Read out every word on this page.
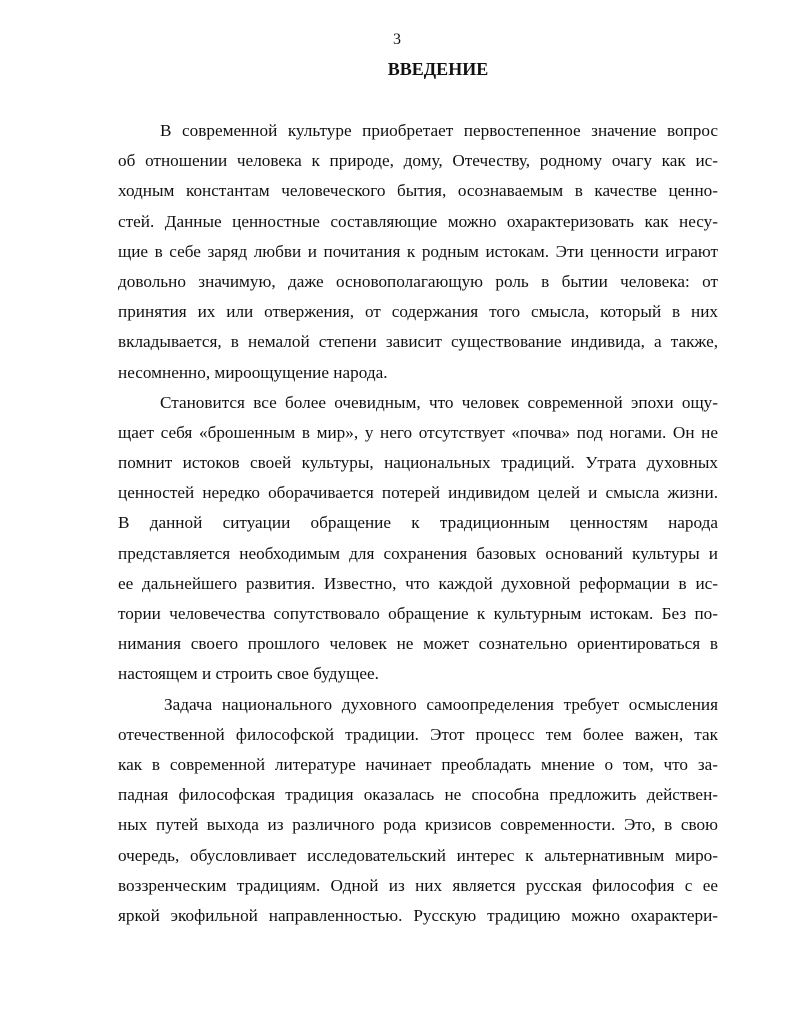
3
ВВЕДЕНИЕ
В современной культуре приобретает первостепенное значение вопрос
об отношении человека к природе, дому, Отечеству, родному очагу как ис-
ходным константам человеческого бытия, осознаваемым в качестве ценно-
стей. Данные ценностные составляющие можно охарактеризовать как несу-
щие в себе заряд любви и почитания к родным истокам. Эти ценности играют
довольно значимую, даже основополагающую роль в бытии человека: от
принятия их или отвержения, от содержания того смысла, который в них
вкладывается, в немалой степени зависит существование индивида, а также,
несомненно, мироощущение народа.
Становится все более очевидным, что человек современной эпохи ощу-
щает себя «брошенным в мир», у него отсутствует «почва» под ногами. Он не
помнит истоков своей культуры, национальных традиций. Утрата духовных
ценностей нередко оборачивается потерей индивидом целей и смысла жизни.
В данной ситуации обращение к традиционным ценностям народа
представляется необходимым для сохранения базовых оснований культуры и
ее дальнейшего развития. Известно, что каждой духовной реформации в ис-
тории человечества сопутствовало обращение к культурным истокам. Без по-
нимания своего прошлого человек не может сознательно ориентироваться в
настоящем и строить свое будущее.
Задача национального духовного самоопределения требует осмысления
отечественной философской традиции. Этот процесс тем более важен, так
как в современной литературе начинает преобладать мнение о том, что за-
падная философская традиция оказалась не способна предложить действен-
ных путей выхода из различного рода кризисов современности. Это, в свою
очередь, обусловливает исследовательский интерес к альтернативным миро-
воззренческим традициям. Одной из них является русская философия с ее
яркой экофильной направленностью. Русскую традицию можно охарактери-
